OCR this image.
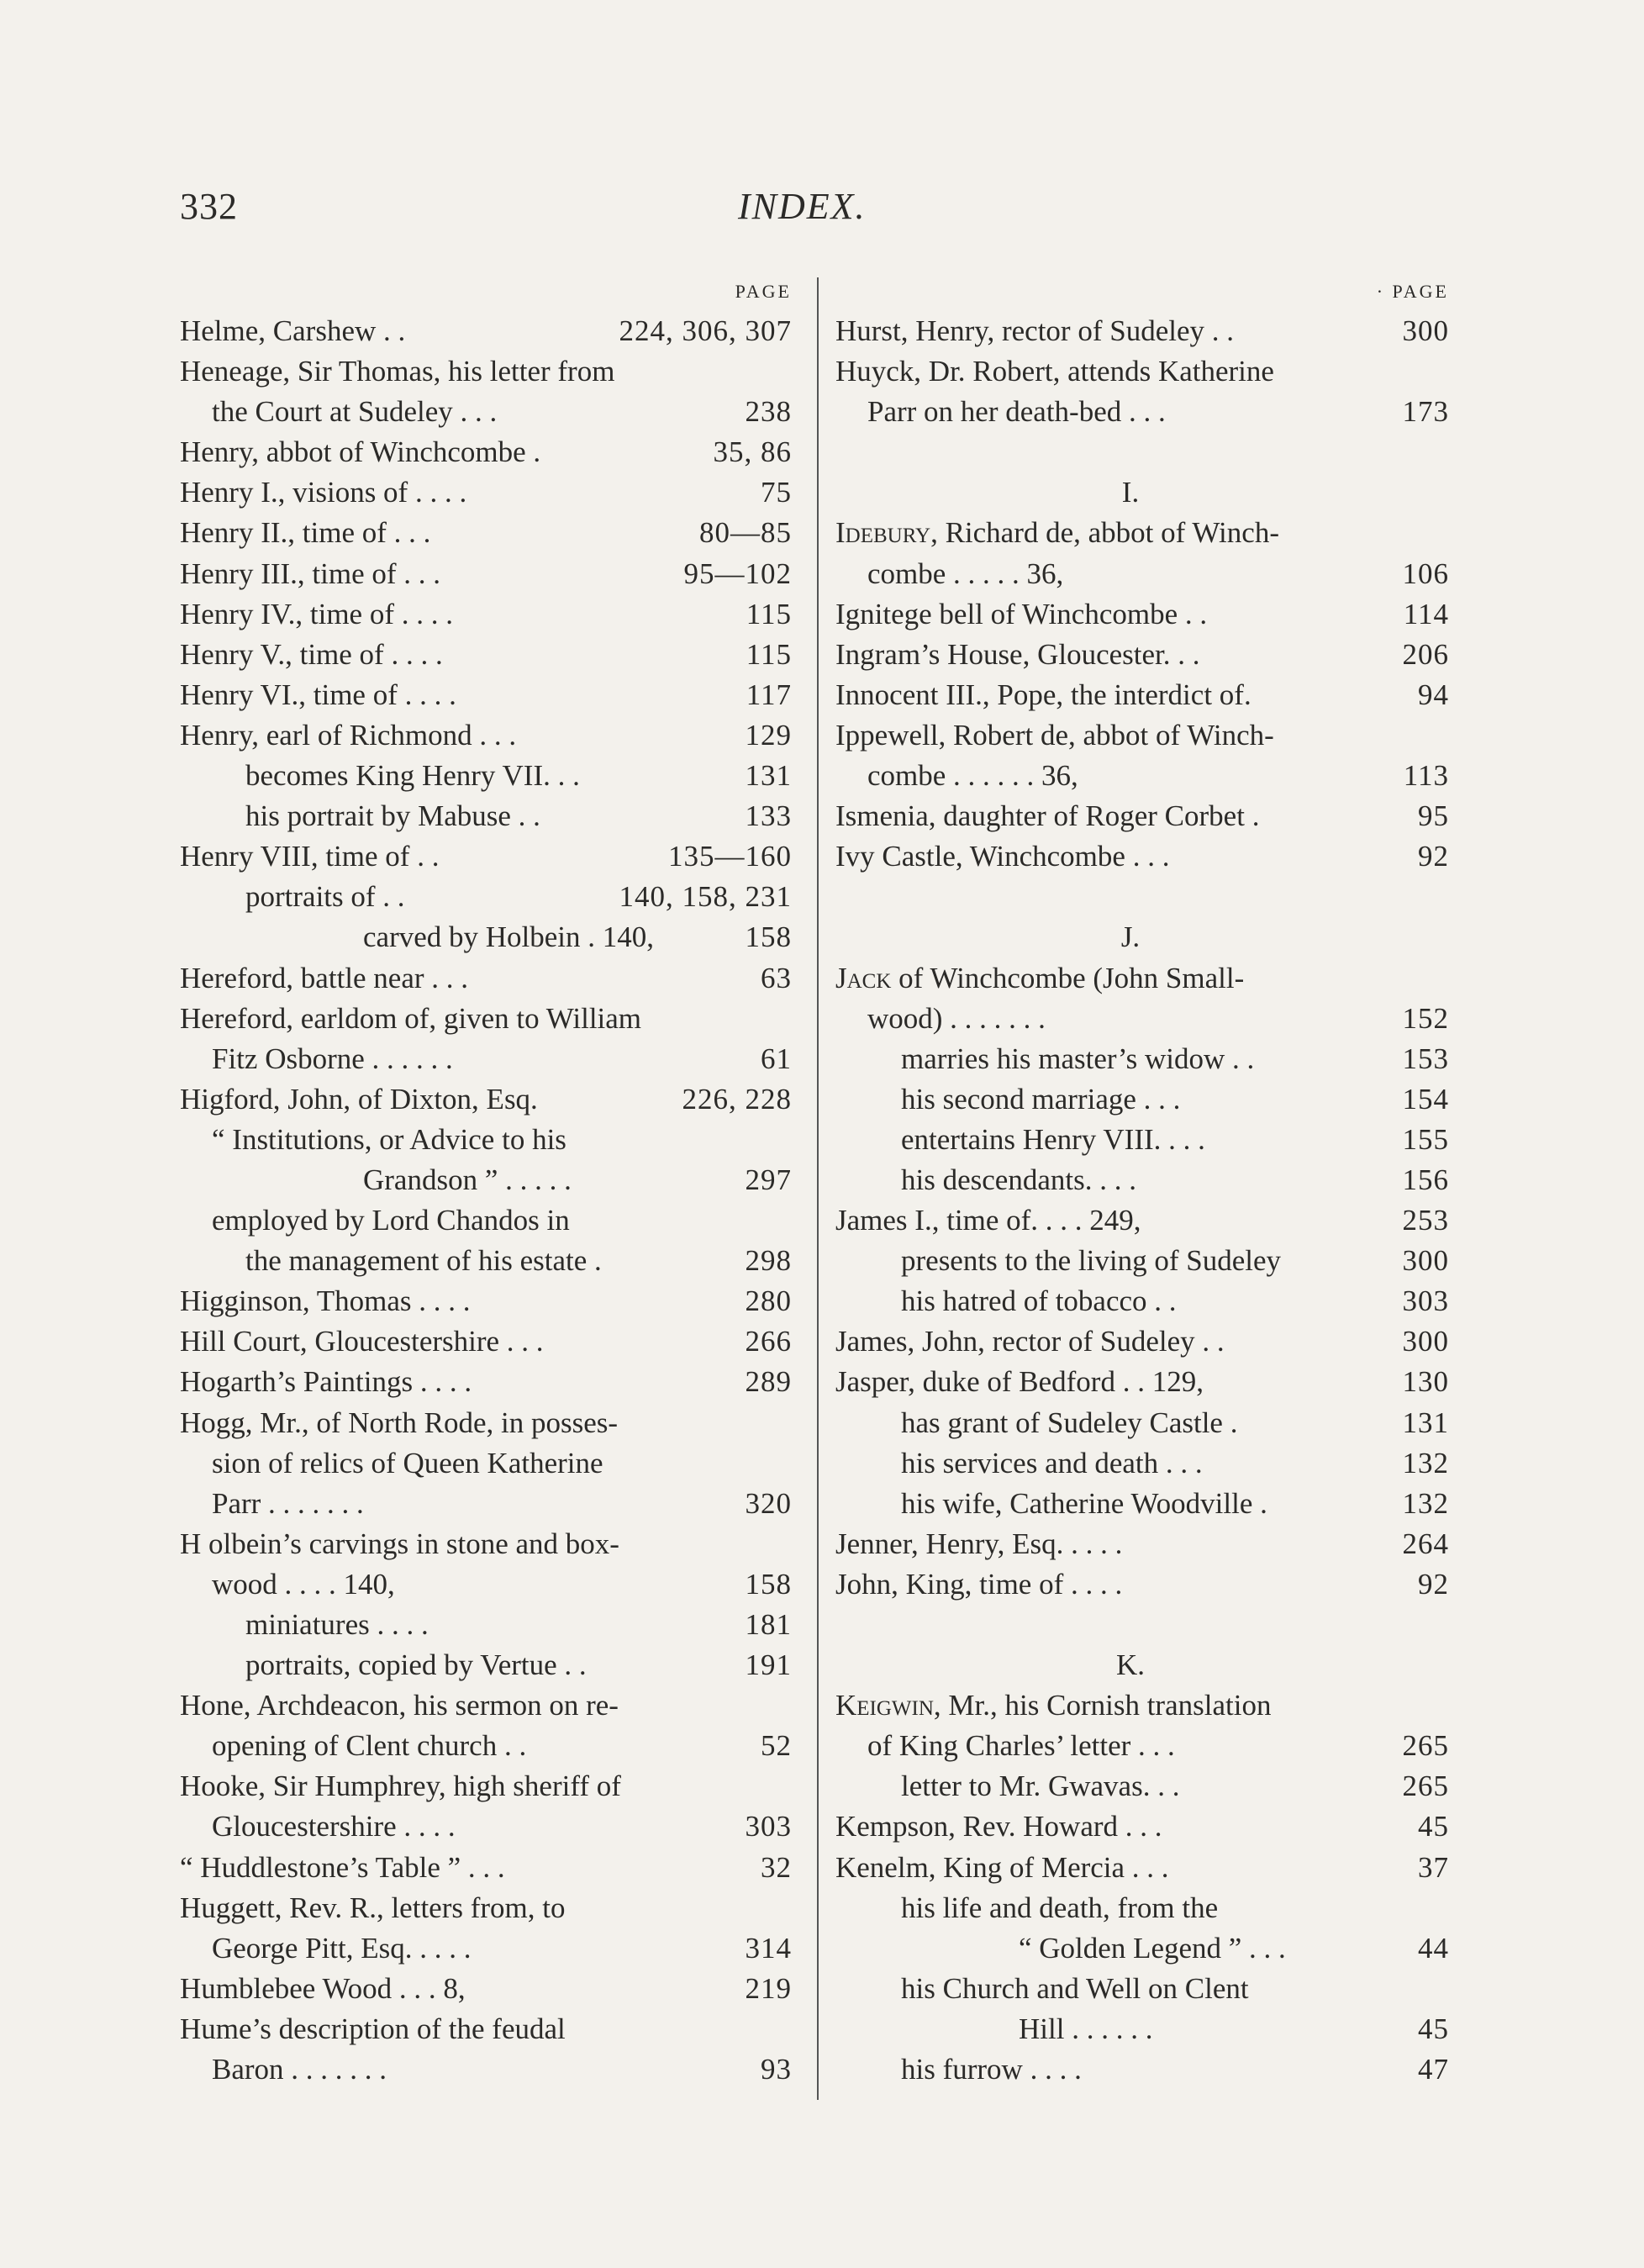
332	INDEX.
PAGE
Helme, Carshew . .	224, 306, 307
Heneage, Sir Thomas, his letter from
the Court at Sudeley . . .	238
Henry, abbot of Winchcombe .	35, 86
Henry I., visions of . . . .	75
Henry II., time of . . .	80—85
Henry III., time of . . .	95—102
Henry IV., time of . . . .	115
Henry V., time of . . . .	115
Henry VI., time of . . . .	117
Henry, earl of Richmond . . .	129
becomes King Henry VII. . .	131
his portrait by Mabuse . .	133
Henry VIII, time of . .	135—160
portraits of . .	140, 158, 231
carved by Holbein . 140,	158
Hereford, battle near . . .	63
Hereford, earldom of, given to William
Fitz Osborne . . . . . .	61
Higford, John, of Dixton, Esq.	226, 228
“ Institutions, or Advice to his
Grandson ” . . . . .	297
employed by Lord Chandos in
the management of his estate .	298
Higginson, Thomas . . . .	280
Hill Court, Gloucestershire . . .	266
Hogarth’s Paintings . . . .	289
Hogg, Mr., of North Rode, in posses-
sion of relics of Queen Katherine
Parr . . . . . . .	320
H olbein’s carvings in stone and box-
wood . . . . 140,	158
miniatures . . . .	181
portraits, copied by Vertue . .	191
Hone, Archdeacon, his sermon on re-
opening of Clent church . .	52
Hooke, Sir Humphrey, high sheriff of
Gloucestershire . . . .	303
“ Huddlestone’s Table ” . . .	32
Huggett, Rev. R., letters from, to
George Pitt, Esq. . . . .	314
Humblebee Wood . . . 8,	219
Hume’s description of the feudal
Baron . . . . . . .	93
· PAGE
Hurst, Henry, rector of Sudeley . .	300
Huyck, Dr. Robert, attends Katherine
Parr on her death-bed . . .	173
I.
Idebury, Richard de, abbot of Winch-
combe . . . . . 36,	106
Ignitege bell of Winchcombe . .	114
Ingram’s House, Gloucester. . .	206
Innocent III., Pope, the interdict of.	94
Ippewell, Robert de, abbot of Winch-
combe . . . . . . 36,	113
Ismenia, daughter of Roger Corbet .	95
Ivy Castle, Winchcombe . . .	92
J.
Jack of Winchcombe (John Small-
wood) . . . . . . .	152
marries his master’s widow . .	153
his second marriage . . .	154
entertains Henry VIII. . . .	155
his descendants. . . .	156
James I., time of. . . . 249,	253
presents to the living of Sudeley	300
his hatred of tobacco . .	303
James, John, rector of Sudeley . .	300
Jasper, duke of Bedford . . 129,	130
has grant of Sudeley Castle .	131
his services and death . . .	132
his wife, Catherine Woodville .	132
Jenner, Henry, Esq. . . . .	264
John, King, time of . . . .	92
K.
Keigwin, Mr., his Cornish translation
of King Charles’ letter . . .	265
letter to Mr. Gwavas. . .	265
Kempson, Rev. Howard . . .	45
Kenelm, King of Mercia . . .	37
his life and death, from the
“ Golden Legend ” . . .	44
his Church and Well on Clent
Hill . . . . . .	45
his furrow . . . .	47
